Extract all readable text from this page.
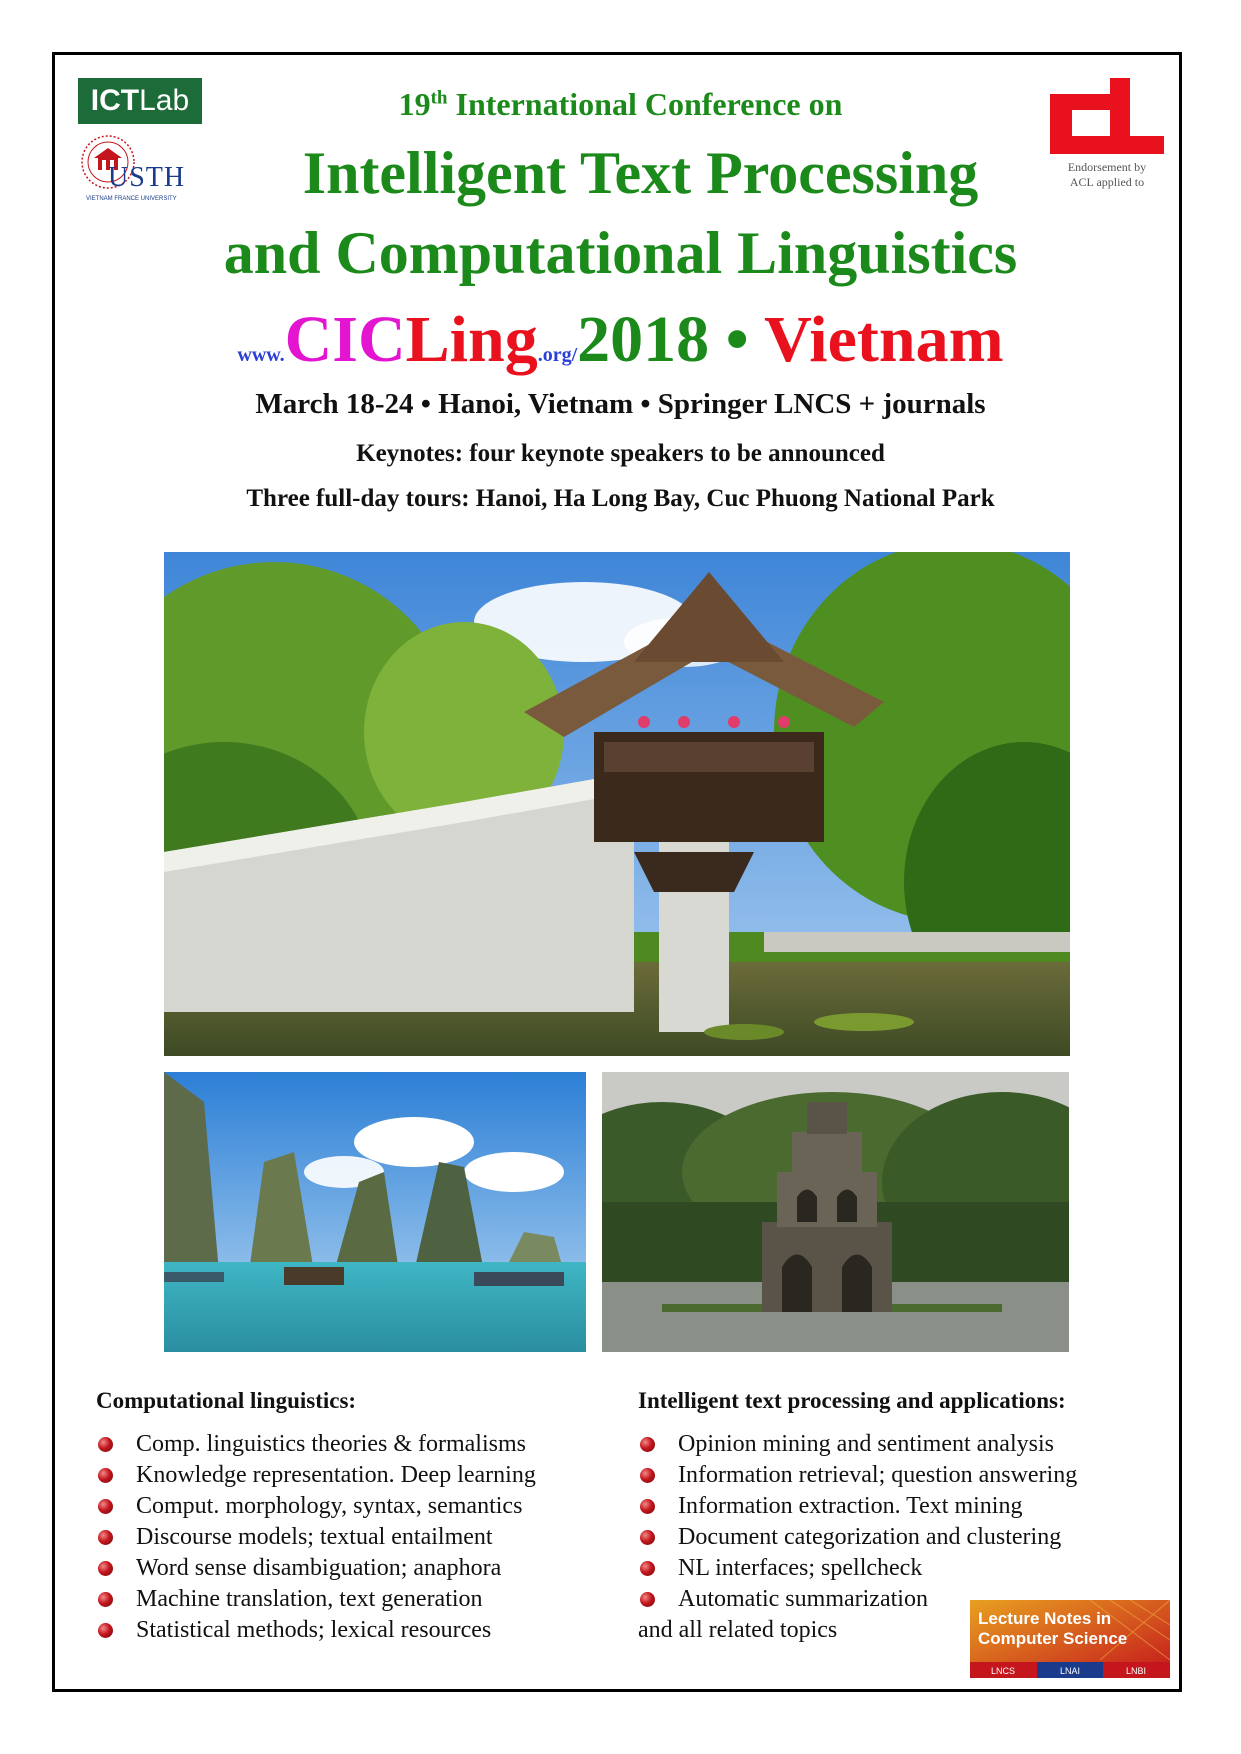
ICTLab
USTH
VIETNAM FRANCE UNIVERSITY
Endorsement by
ACL applied to
19th International Conference on
Intelligent Text Processing
and Computational Linguistics
www.CICLing.org/2018 • Vietnam
March 18-24 • Hanoi, Vietnam • Springer LNCS + journals
Keynotes: four keynote speakers to be announced
Three full-day tours: Hanoi, Ha Long Bay, Cuc Phuong National Park
Computational linguistics:
Comp. linguistics theories & formalisms
Knowledge representation. Deep learning
Comput. morphology, syntax, semantics
Discourse models; textual entailment
Word sense disambiguation; anaphora
Machine translation, text generation
Statistical methods; lexical resources
Intelligent text processing and applications:
Opinion mining and sentiment analysis
Information retrieval; question answering
Information extraction. Text mining
Document categorization and clustering
NL interfaces; spellcheck
Automatic summarization
and all related topics	Lecture Notes in
Computer Science
LNCS	LNAI	LNBI
